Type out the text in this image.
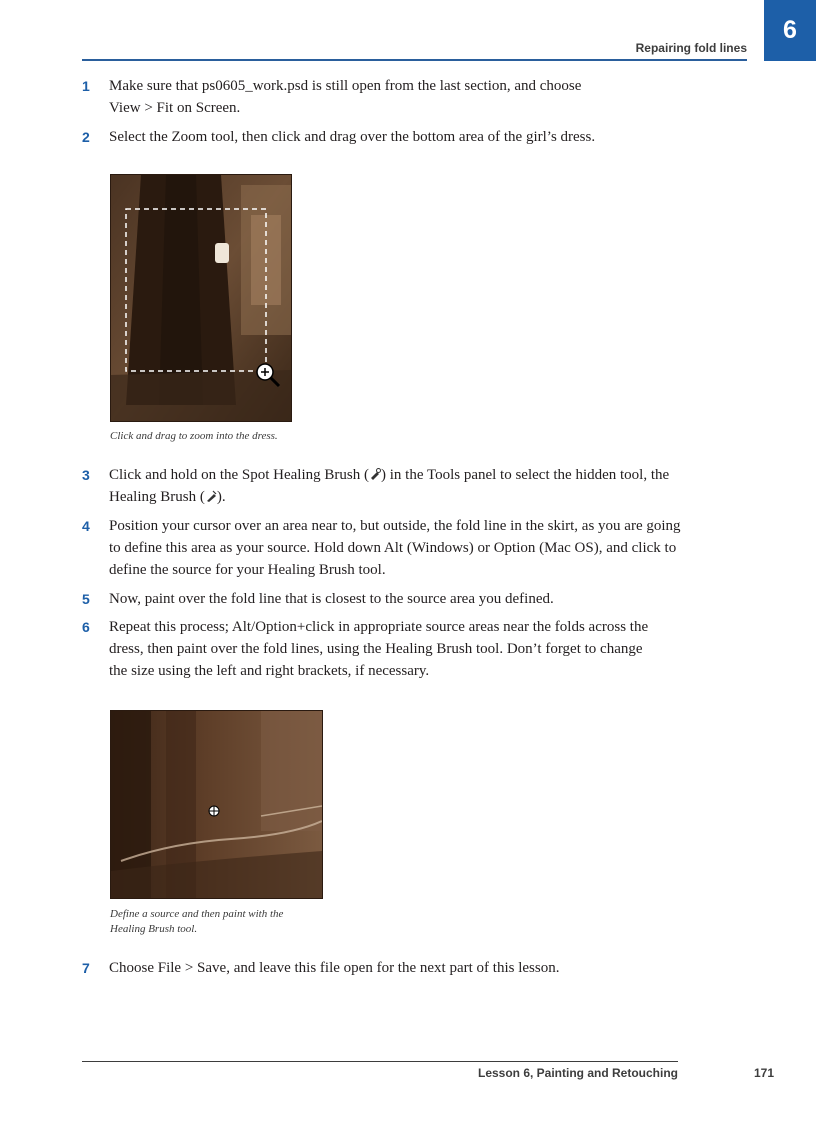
Repairing fold lines
6
1 Make sure that ps0605_work.psd is still open from the last section, and choose View > Fit on Screen.
2 Select the Zoom tool, then click and drag over the bottom area of the girl’s dress.
Click and drag to zoom into the dress.
3 Click and hold on the Spot Healing Brush ( ) in the Tools panel to select the hidden tool, the Healing Brush ( ).
4 Position your cursor over an area near to, but outside, the fold line in the skirt, as you are going to define this area as your source. Hold down Alt (Windows) or Option (Mac OS), and click to define the source for your Healing Brush tool.
5 Now, paint over the fold line that is closest to the source area you defined.
6 Repeat this process; Alt/Option+click in appropriate source areas near the folds across the dress, then paint over the fold lines, using the Healing Brush tool. Don’t forget to change the size using the left and right brackets, if necessary.
Define a source and then paint with the
Healing Brush tool.
7 Choose File > Save, and leave this file open for the next part of this lesson.
Lesson 6, Painting and Retouching	171
